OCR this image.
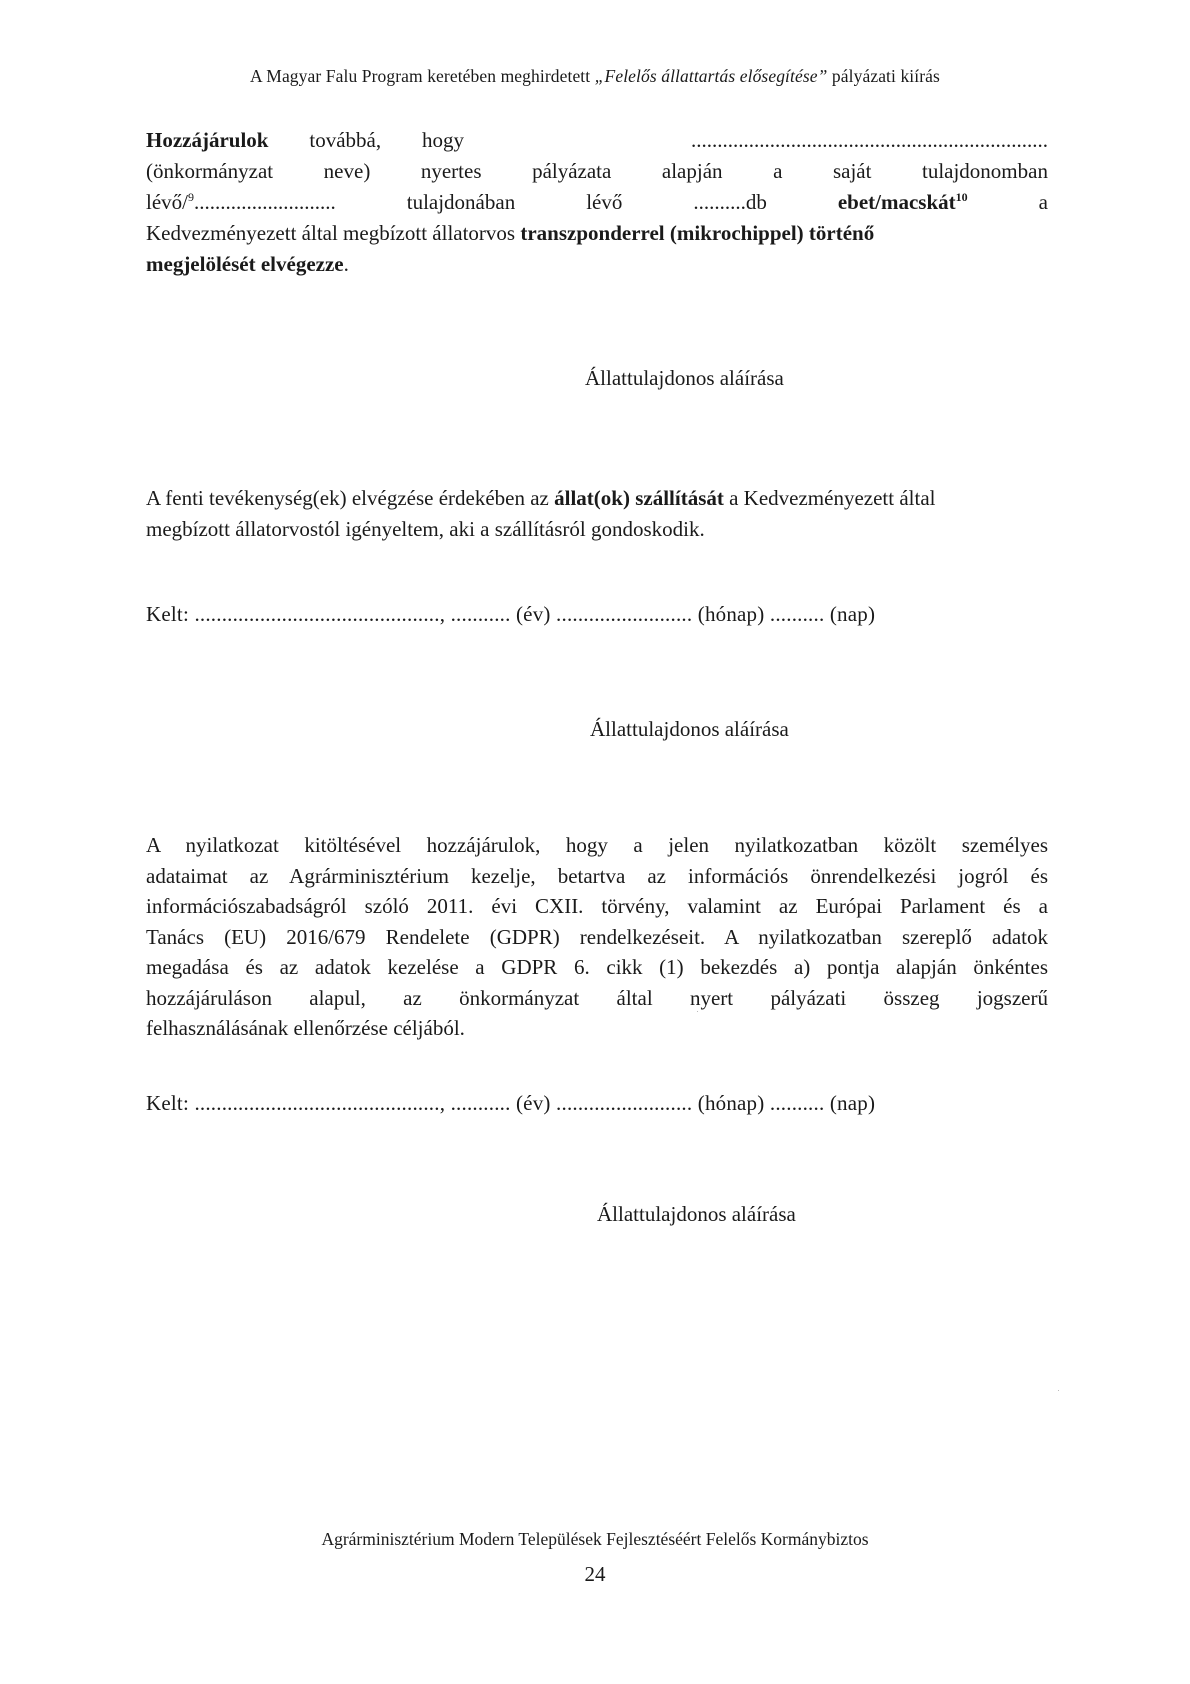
A Magyar Falu Program keretében meghirdetett „Felelős állattartás elősegítése” pályázati kiírás
Hozzájárulok továbbá, hogy	....................................................................
(önkormányzat neve) nyertes pályázata alapján a saját tulajdonomban
lévő/$^9$...........................	tulajdonában	lévő	..........db	ebet/macskát$^{10}$	a
Kedvezményezett által megbízott állatorvos transzponderrel (mikrochippel) történő
megjelölését elvégezze.
Állattulajdonos aláírása
A fenti tevékenység(ek) elvégzése érdekében az állat(ok) szállítását a Kedvezményezett által
megbízott állatorvostól igényeltem, aki a szállításról gondoskodik.
Kelt: ............................................., ........... (év) ......................... (hónap) .......... (nap)
Állattulajdonos aláírása
A nyilatkozat kitöltésével hozzájárulok, hogy a jelen nyilatkozatban közölt személyes
adataimat az Agrárminisztérium kezelje, betartva az információs önrendelkezési jogról és
információszabadságról szóló 2011. évi CXII. törvény, valamint az Európai Parlament és a
Tanács (EU) 2016/679 Rendelete (GDPR) rendelkezéseit. A nyilatkozatban szereplő adatok
megadása és az adatok kezelése a GDPR 6. cikk (1) bekezdés a) pontja alapján önkéntes
hozzájáruláson alapul, az önkormányzat által nyert pályázati összeg jogszerű
felhasználásának ellenőrzése céljából.
Kelt: ............................................., ........... (év) ......................... (hónap) .......... (nap)
Állattulajdonos aláírása
Agrárminisztérium Modern Települések Fejlesztéséért Felelős Kormánybiztos
24
